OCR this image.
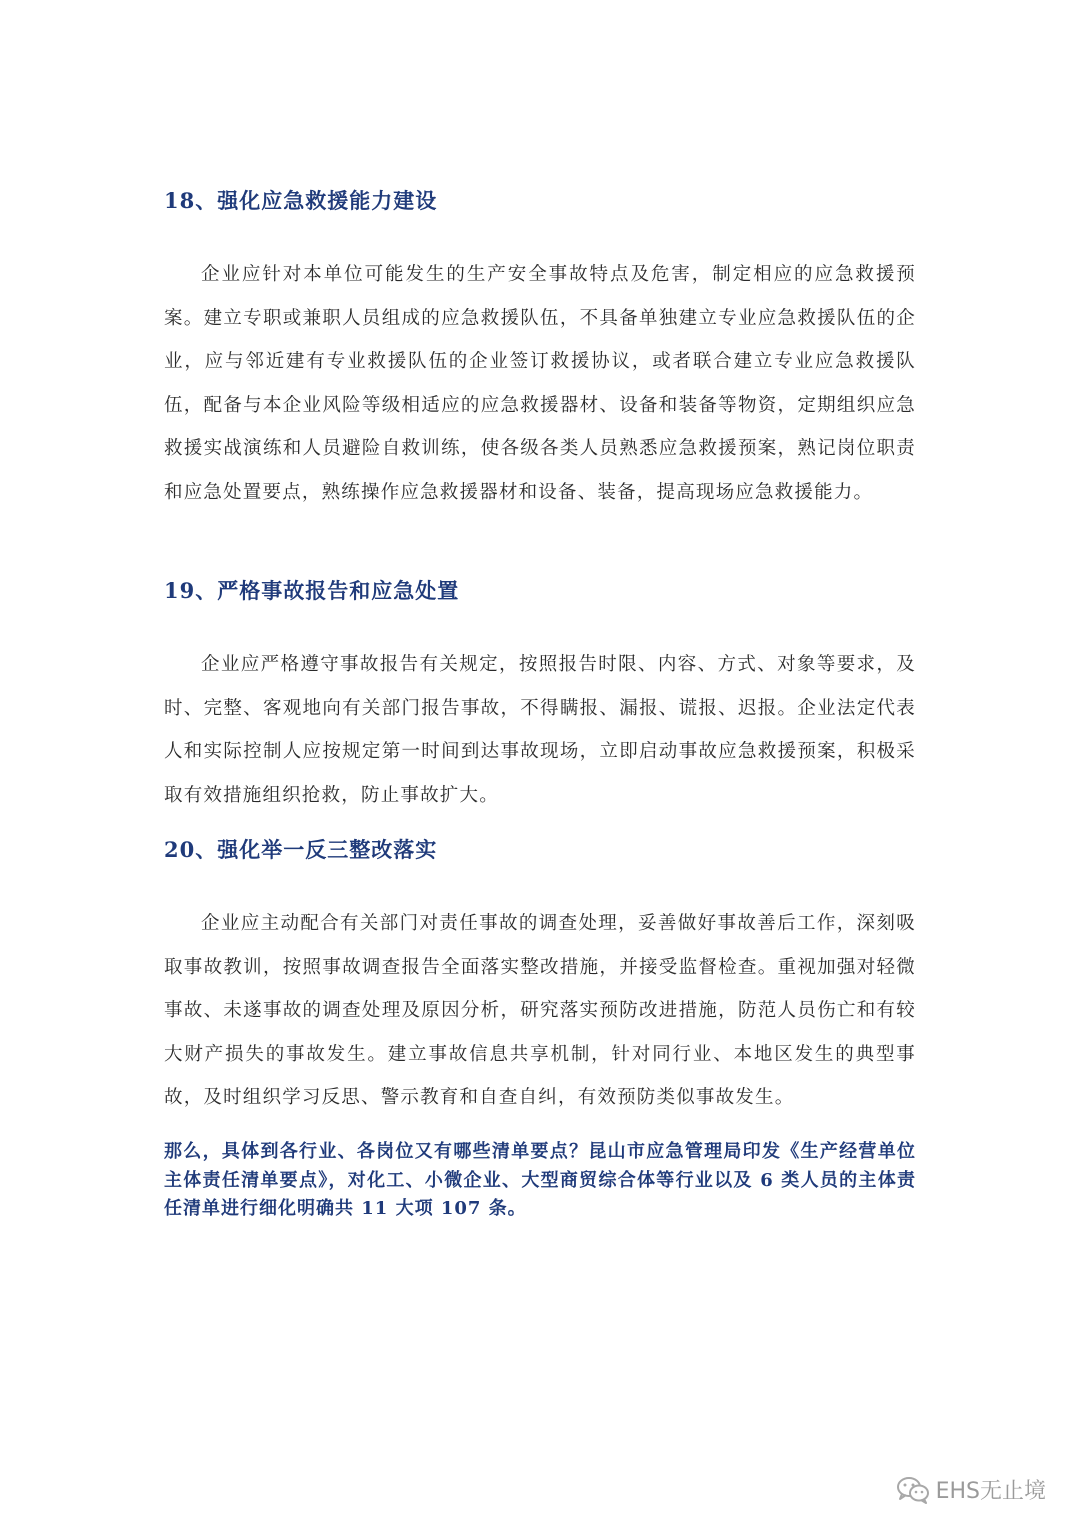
18、强化应急救援能力建设
企业应针对本单位可能发生的生产安全事故特点及危害，制定相应的应急救援预案。建立专职或兼职人员组成的应急救援队伍，不具备单独建立专业应急救援队伍的企业，应与邻近建有专业救援队伍的企业签订救援协议，或者联合建立专业应急救援队伍，配备与本企业风险等级相适应的应急救援器材、设备和装备等物资，定期组织应急救援实战演练和人员避险自救训练，使各级各类人员熟悉应急救援预案，熟记岗位职责和应急处置要点，熟练操作应急救援器材和设备、装备，提高现场应急救援能力。
19、严格事故报告和应急处置
企业应严格遵守事故报告有关规定，按照报告时限、内容、方式、对象等要求，及时、完整、客观地向有关部门报告事故，不得瞒报、漏报、谎报、迟报。企业法定代表人和实际控制人应按规定第一时间到达事故现场，立即启动事故应急救援预案，积极采取有效措施组织抢救，防止事故扩大。
20、强化举一反三整改落实
企业应主动配合有关部门对责任事故的调查处理，妥善做好事故善后工作，深刻吸取事故教训，按照事故调查报告全面落实整改措施，并接受监督检查。重视加强对轻微事故、未遂事故的调查处理及原因分析，研究落实预防改进措施，防范人员伤亡和有较大财产损失的事故发生。建立事故信息共享机制，针对同行业、本地区发生的典型事故，及时组织学习反思、警示教育和自查自纠，有效预防类似事故发生。
那么，具体到各行业、各岗位又有哪些清单要点？昆山市应急管理局印发《生产经营单位主体责任清单要点》，对化工、小微企业、大型商贸综合体等行业以及 6 类人员的主体责任清单进行细化明确共 11 大项 107 条。
EHS无止境
